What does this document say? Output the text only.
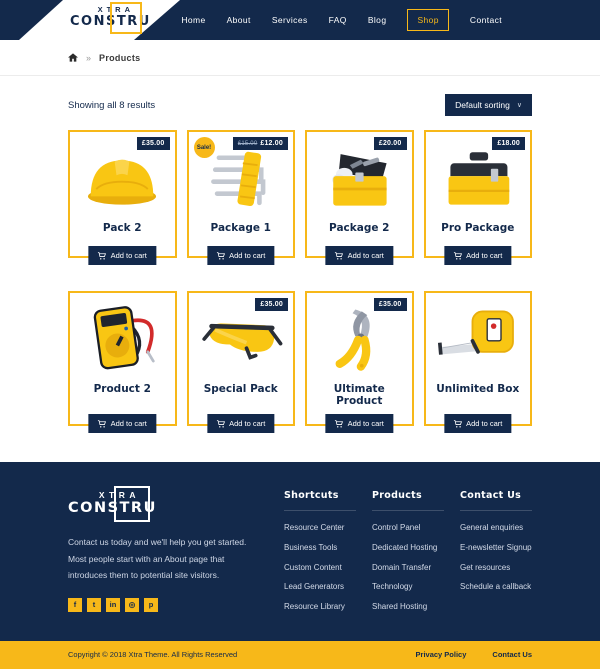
XTRA
CONSTRU	Home About Services FAQ Blog	Shop	Contact
» Products
Showing all 8 results	Default sorting ∨
£35.00
Pack 2
Add to cart
Sale!
£15.00 £12.00
Package 1
Add to cart
£20.00
Package 2
Add to cart
£18.00
Pro Package
Add to cart
Product 2
Add to cart
£35.00
Special Pack
Add to cart
£35.00
Ultimate Product
Add to cart
Unlimited Box
Add to cart
XTRA
CONSTRU

Contact us today and we'll help you get started. Most people start with an About page that introduces them to potential site visitors.

f	t	in	◎	p
Shortcuts
Resource Center
Business Tools
Custom Content
Lead Generators
Resource Library
Products
Control Panel
Dedicated Hosting
Domain Transfer
Technology
Shared Hosting
Contact Us
General enquiries
E-newsletter Signup
Get resources
Schedule a callback
Copyright © 2018 Xtra Theme. All Rights Reserved	Privacy Policy	Contact Us
